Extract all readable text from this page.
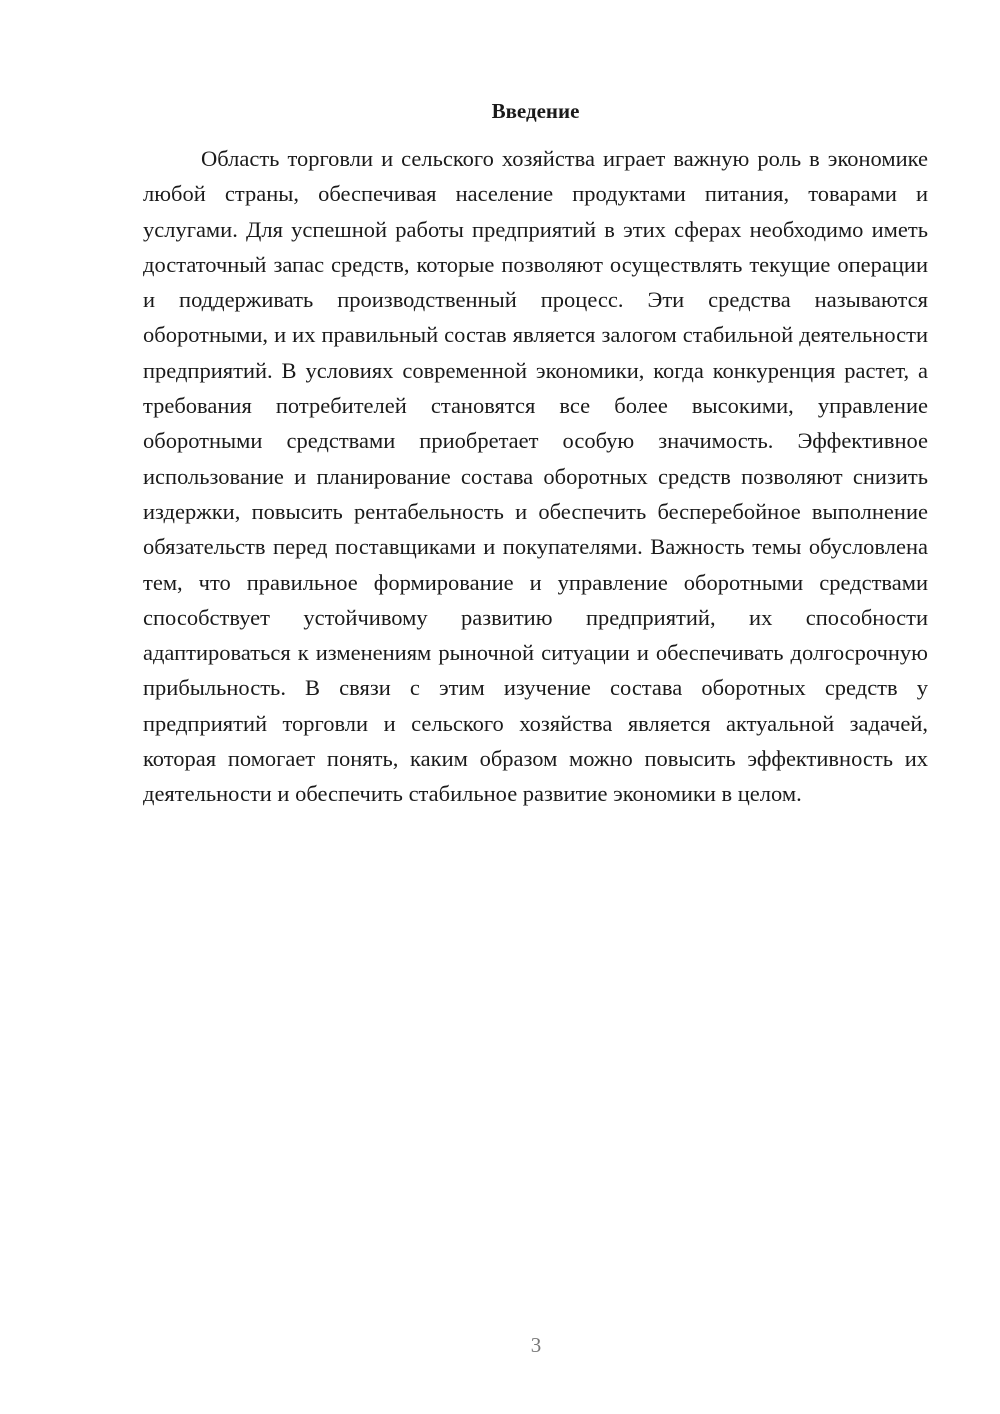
Введение

Область торговли и сельского хозяйства играет важную роль в экономике любой страны, обеспечивая население продуктами питания, товарами и услугами. Для успешной работы предприятий в этих сферах необходимо иметь достаточный запас средств, которые позволяют осуществлять текущие операции и поддерживать производственный процесс. Эти средства называются оборотными, и их правильный состав является залогом стабильной деятельности предприятий. В условиях современной экономики, когда конкуренция растет, а требования потребителей становятся все более высокими, управление оборотными средствами приобретает особую значимость. Эффективное использование и планирование состава оборотных средств позволяют снизить издержки, повысить рентабельность и обеспечить бесперебойное выполнение обязательств перед поставщиками и покупателями. Важность темы обусловлена тем, что правильное формирование и управление оборотными средствами способствует устойчивому развитию предприятий, их способности адаптироваться к изменениям рыночной ситуации и обеспечивать долгосрочную прибыльность. В связи с этим изучение состава оборотных средств у предприятий торговли и сельского хозяйства является актуальной задачей, которая помогает понять, каким образом можно повысить эффективность их деятельности и обеспечить стабильное развитие экономики в целом.

3
